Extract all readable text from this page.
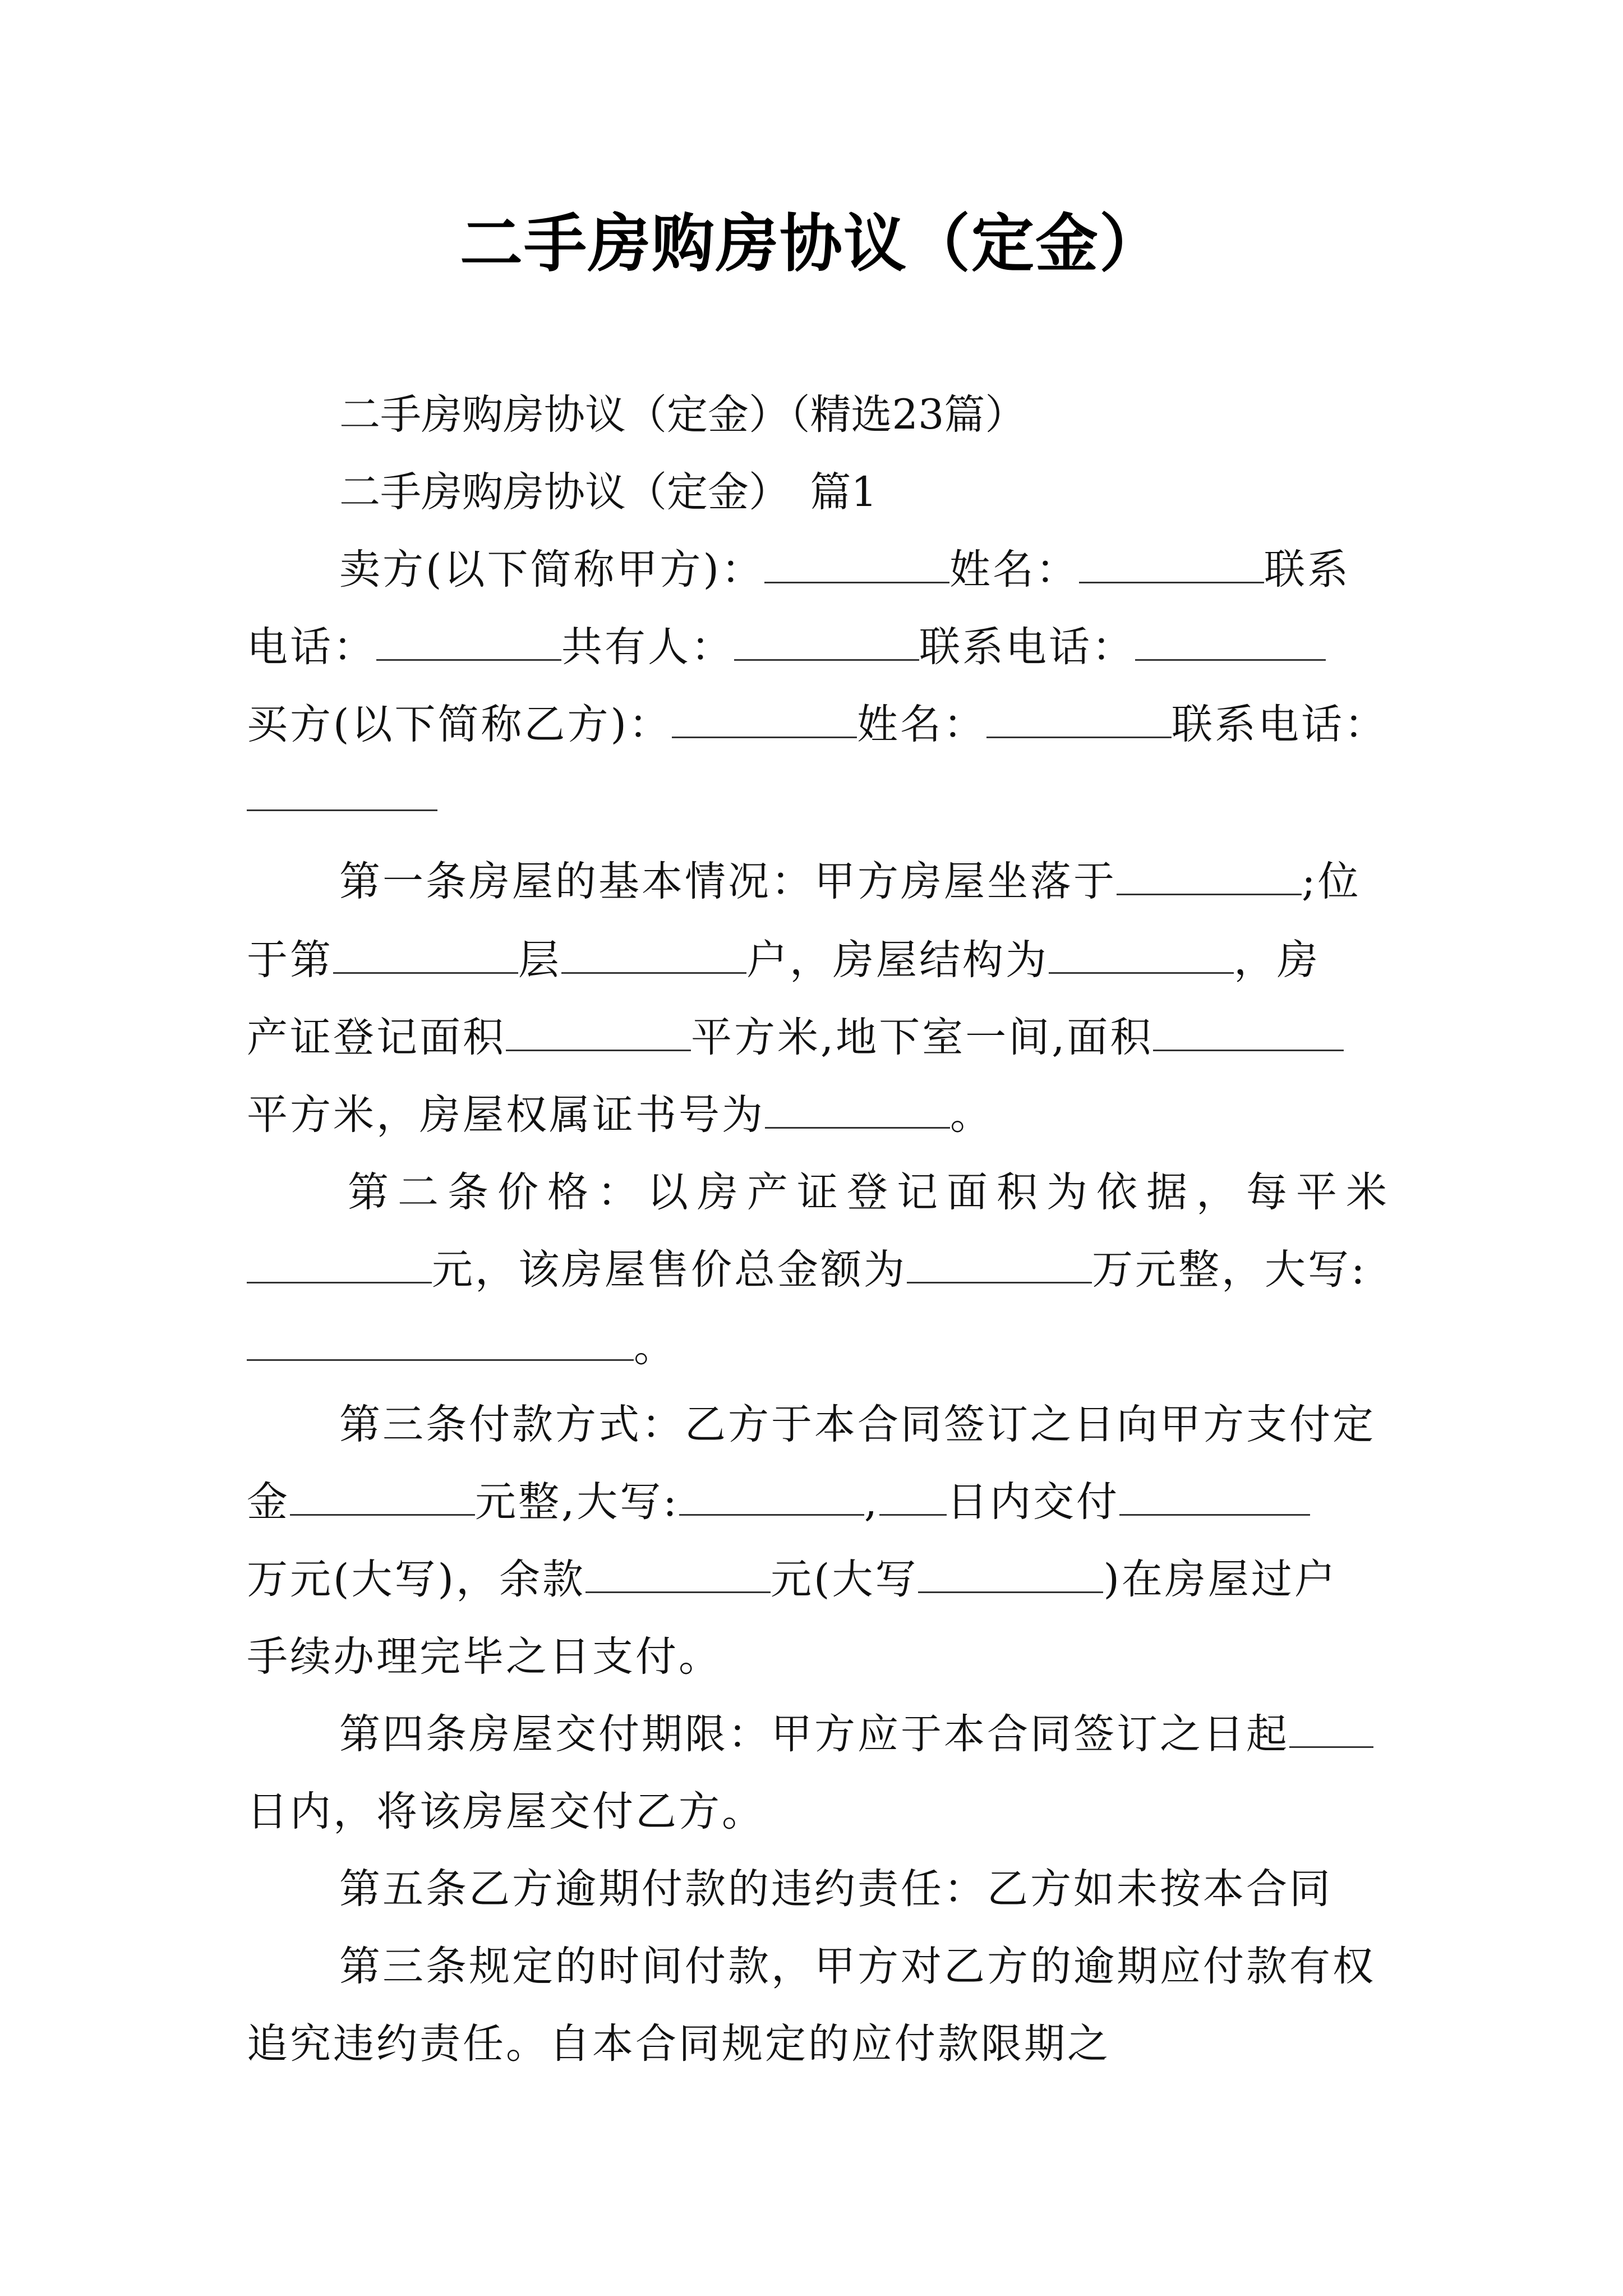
二手房购房协议（定金）
二手房购房协议（定金）（精选23篇）
二手房购房协议（定金）　篇1
卖方(以下简称甲方)：	姓名：	联系
电话：	共有人：	联系电话：
买方(以下简称乙方)：	姓名：	联系电话：
第一条房屋的基本情况：甲方房屋坐落于	;位
于第	层	户，房屋结构为	，房
产证登记面积	平方米,地下室一间,面积
平方米，房屋权属证书号为	。
第二条价格：以房产证登记面积为依据，每平米
元，该房屋售价总金额为	万元整，大写:
。
第三条付款方式：乙方于本合同签订之日向甲方支付定
金	元整,大写:	, 日内交付
万元(大写)，余款	元(大写	)在房屋过户
手续办理完毕之日支付。
第四条房屋交付期限：甲方应于本合同签订之日起
日内，将该房屋交付乙方。
第五条乙方逾期付款的违约责任：乙方如未按本合同
第三条规定的时间付款，甲方对乙方的逾期应付款有权
追究违约责任。自本合同规定的应付款限期之
